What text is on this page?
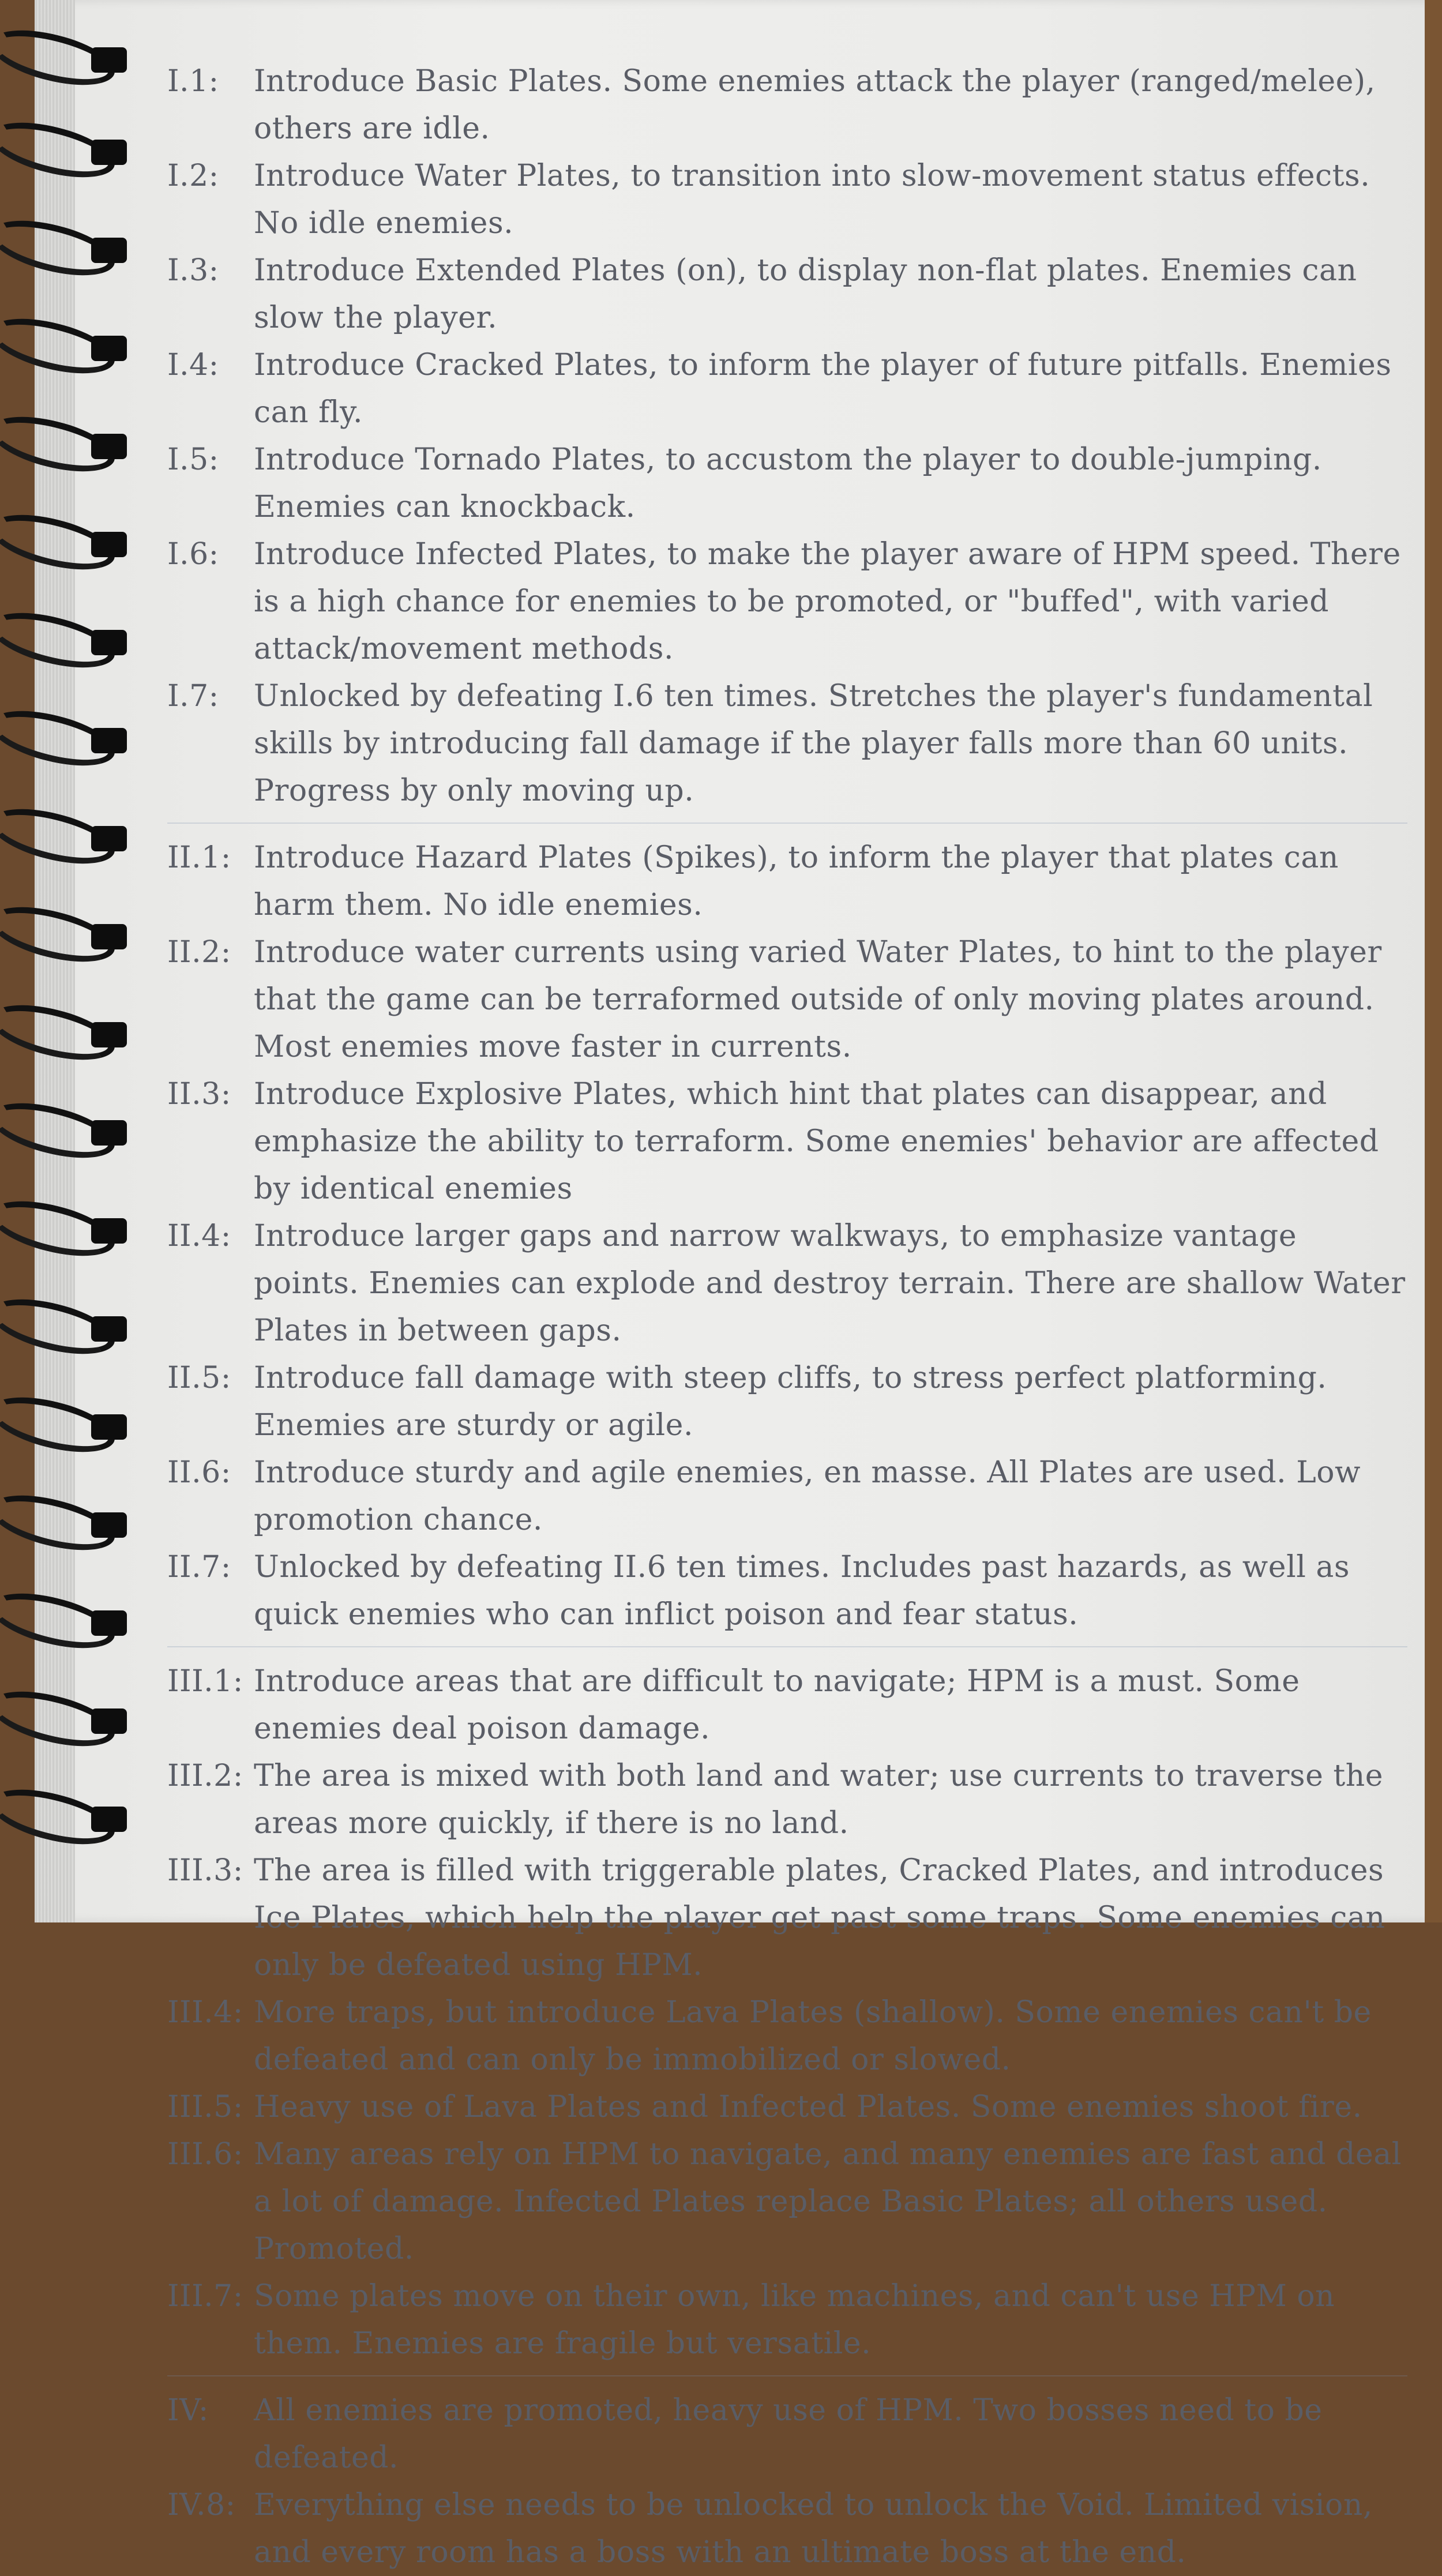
I.1:	Introduce Basic Plates. Some enemies attack the player (ranged/melee), others are idle.
I.2:	Introduce Water Plates, to transition into slow-movement status effects. No idle enemies.
I.3:	Introduce Extended Plates (on), to display non-flat plates. Enemies can slow the player.
I.4:	Introduce Cracked Plates, to inform the player of future pitfalls. Enemies can fly.
I.5:	Introduce Tornado Plates, to accustom the player to double-jumping. Enemies can knockback.
I.6:	Introduce Infected Plates, to make the player aware of HPM speed. There is a high chance for enemies to be promoted, or "buffed", with varied attack/movement methods.
I.7:	Unlocked by defeating I.6 ten times. Stretches the player's fundamental skills by introducing fall damage if the player falls more than 60 units. Progress by only moving up.
II.1: Introduce Hazard Plates (Spikes), to inform the player that plates can harm them. No idle enemies.
II.2: Introduce water currents using varied Water Plates, to hint to the player that the game can be terraformed outside of only moving plates around. Most enemies move faster in currents.
II.3: Introduce Explosive Plates, which hint that plates can disappear, and emphasize the ability to terraform. Some enemies' behavior are affected by identical enemies
II.4: Introduce larger gaps and narrow walkways, to emphasize vantage points. Enemies can explode and destroy terrain. There are shallow Water Plates in between gaps.
II.5: Introduce fall damage with steep cliffs, to stress perfect platforming. Enemies are sturdy or agile.
II.6: Introduce sturdy and agile enemies, en masse. All Plates are used. Low promotion chance.
II.7: Unlocked by defeating II.6 ten times. Includes past hazards, as well as quick enemies who can inflict poison and fear status.
III.1: Introduce areas that are difficult to navigate; HPM is a must. Some enemies deal poison damage.
III.2: The area is mixed with both land and water; use currents to traverse the areas more quickly, if there is no land.
III.3: The area is filled with triggerable plates, Cracked Plates, and introduces Ice Plates, which help the player get past some traps. Some enemies can only be defeated using HPM.
III.4: More traps, but introduce Lava Plates (shallow). Some enemies can't be defeated and can only be immobilized or slowed.
III.5: Heavy use of Lava Plates and Infected Plates. Some enemies shoot fire.
III.6: Many areas rely on HPM to navigate, and many enemies are fast and deal a lot of damage. Infected Plates replace Basic Plates; all others used. Promoted.
III.7: Some plates move on their own, like machines, and can't use HPM on them. Enemies are fragile but versatile.
IV:	All enemies are promoted, heavy use of HPM. Two bosses need to be defeated.
IV.8: Everything else needs to be unlocked to unlock the Void. Limited vision, and every room has a boss with an ultimate boss at the end.
